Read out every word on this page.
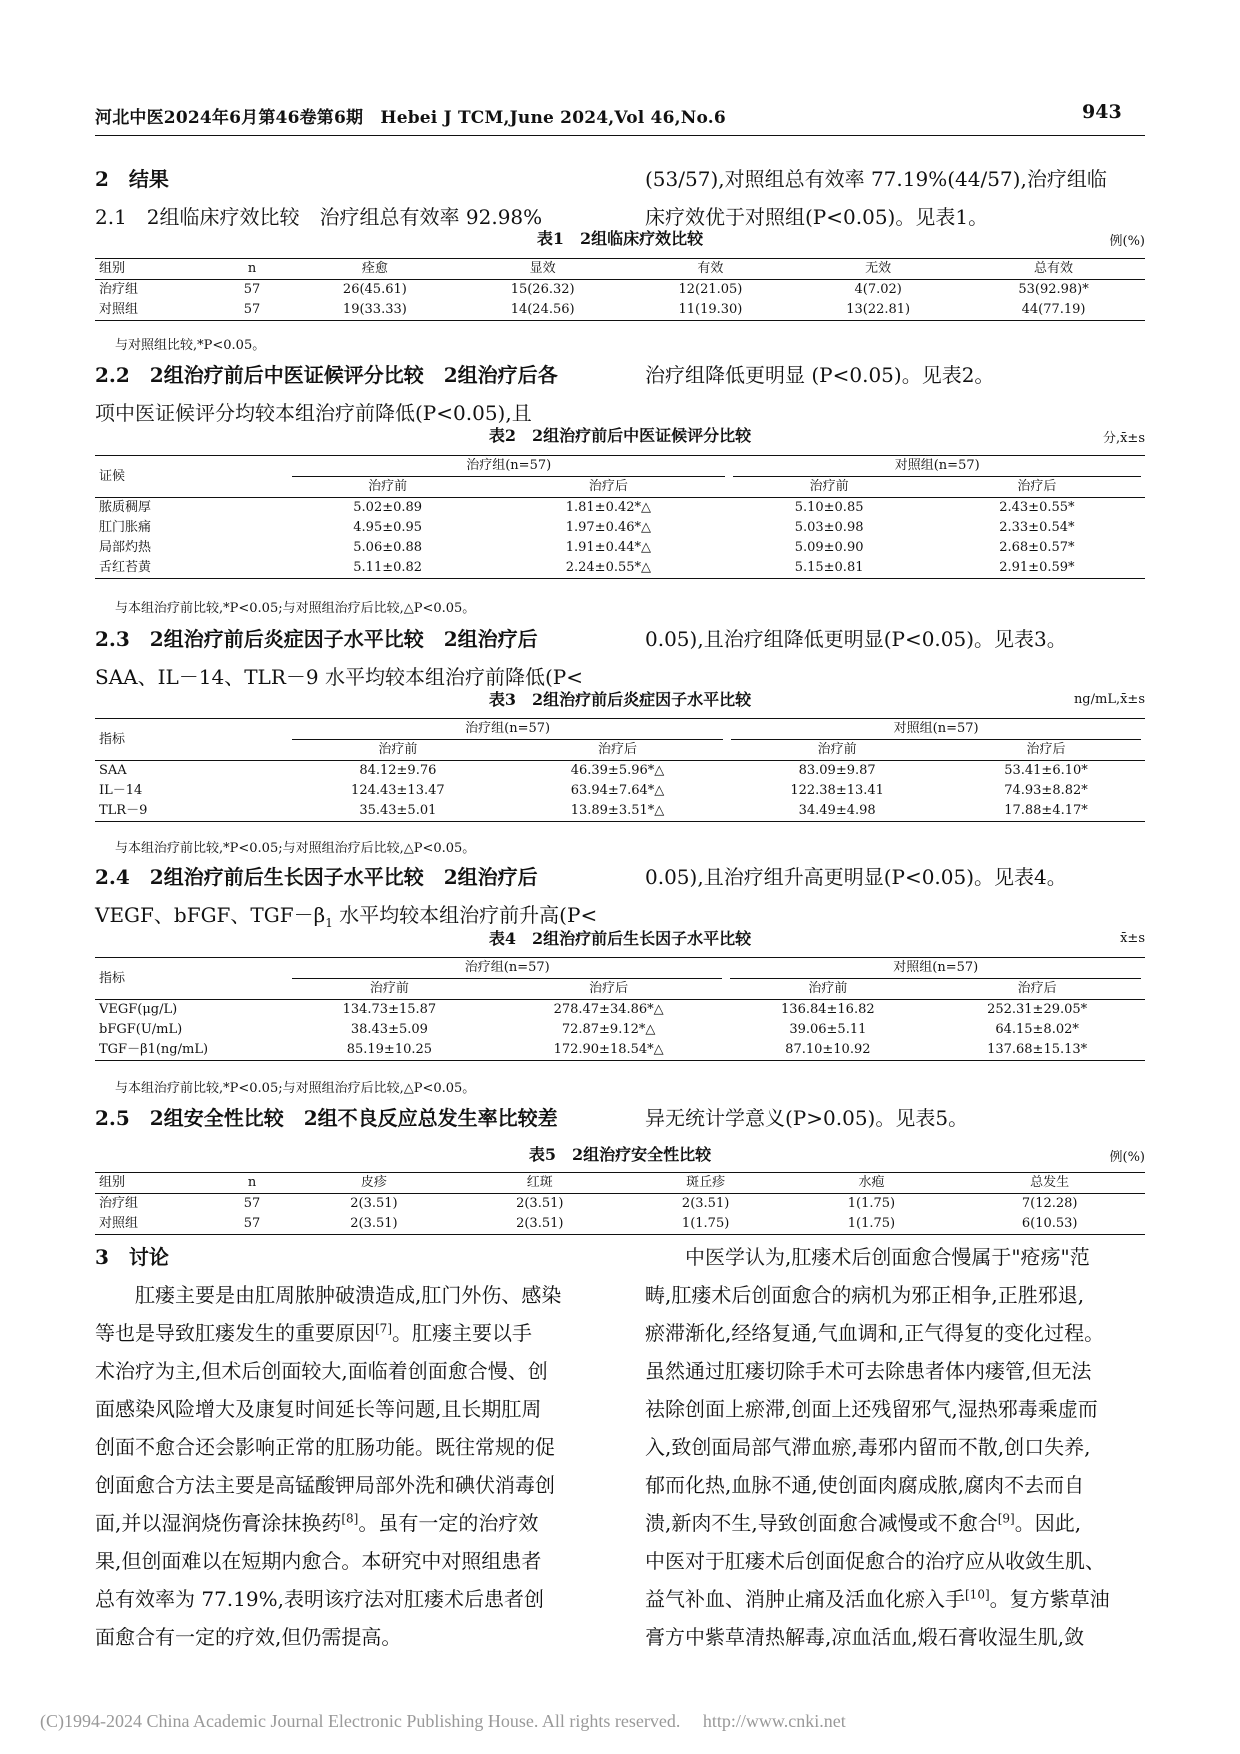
河北中医2024年6月第46卷第6期　Hebei J TCM,June 2024,Vol 46,No.6	943
2　结果
2.1　2组临床疗效比较　治疗组总有效率 92.98%
(53/57),对照组总有效率 77.19%(44/57),治疗组临
床疗效优于对照组(P<0.05)。见表1。
表1　2组临床疗效比较	例(%)
组别	n	痊愈	显效	有效	无效	总有效
治疗组	57	26(45.61)	15(26.32)	12(21.05)	4(7.02)	53(92.98)*
对照组	57	19(33.33)	14(24.56)	11(19.30)	13(22.81)	44(77.19)
与对照组比较,*P<0.05。
2.2　2组治疗前后中医证候评分比较　2组治疗后各
项中医证候评分均较本组治疗前降低(P<0.05),且
治疗组降低更明显 (P<0.05)。见表2。
表2　2组治疗前后中医证候评分比较	分,x̄±s
证候	治疗组(n=57)		对照组(n=57)	

	治疗前	治疗后	治疗前	治疗后
脓质稠厚	5.02±0.89	1.81±0.42*△	5.10±0.85	2.43±0.55*
肛门胀痛	4.95±0.95	1.97±0.46*△	5.03±0.98	2.33±0.54*
局部灼热	5.06±0.88	1.91±0.44*△	5.09±0.90	2.68±0.57*
舌红苔黄	5.11±0.82	2.24±0.55*△	5.15±0.81	2.91±0.59*
与本组治疗前比较,*P<0.05;与对照组治疗后比较,△P<0.05。
2.3　2组治疗前后炎症因子水平比较　2组治疗后
SAA、IL－14、TLR－9 水平均较本组治疗前降低(P<
0.05),且治疗组降低更明显(P<0.05)。见表3。
表3　2组治疗前后炎症因子水平比较	ng/mL,x̄±s
指标	治疗组(n=57)		对照组(n=57)	

	治疗前	治疗后	治疗前	治疗后
SAA	84.12±9.76	46.39±5.96*△	83.09±9.87	53.41±6.10*
IL－14	124.43±13.47	63.94±7.64*△	122.38±13.41	74.93±8.82*
TLR－9	35.43±5.01	13.89±3.51*△	34.49±4.98	17.88±4.17*
与本组治疗前比较,*P<0.05;与对照组治疗后比较,△P<0.05。
2.4　2组治疗前后生长因子水平比较　2组治疗后
VEGF、bFGF、$TGF-\beta_1$ 水平均较本组治疗前升高(P<
0.05),且治疗组升高更明显(P<0.05)。见表4。
表4　2组治疗前后生长因子水平比较	x̄±s
指标	治疗组(n=57)		对照组(n=57)	

	治疗前	治疗后	治疗前	治疗后
VEGF(μg/L)	134.73±15.87	278.47±34.86*△	136.84±16.82	252.31±29.05*
bFGF(U/mL)	38.43±5.09	72.87±9.12*△	39.06±5.11	64.15±8.02*
TGF－β1(ng/mL)	85.19±10.25	172.90±18.54*△	87.10±10.92	137.68±15.13*
与本组治疗前比较,*P<0.05;与对照组治疗后比较,△P<0.05。
2.5　2组安全性比较　2组不良反应总发生率比较差	异无统计学意义(P>0.05)。见表5。
表5　2组治疗安全性比较	例(%)
组别	n	皮疹	红斑	斑丘疹	水疱	总发生
治疗组	57	2(3.51)	2(3.51)	2(3.51)	1(1.75)	7(12.28)
对照组	57	2(3.51)	2(3.51)	1(1.75)	1(1.75)	6(10.53)
3　讨论
　　肛瘘主要是由肛周脓肿破溃造成,肛门外伤、感染
等也是导致肛瘘发生的重要原因[7]。肛瘘主要以手
术治疗为主,但术后创面较大,面临着创面愈合慢、创
面感染风险增大及康复时间延长等问题,且长期肛周
创面不愈合还会影响正常的肛肠功能。既往常规的促
创面愈合方法主要是高锰酸钾局部外洗和碘伏消毒创
面,并以湿润烧伤膏涂抹换药[8]。虽有一定的治疗效
果,但创面难以在短期内愈合。本研究中对照组患者
总有效率为 77.19%,表明该疗法对肛瘘术后患者创
面愈合有一定的疗效,但仍需提高。
　　中医学认为,肛瘘术后创面愈合慢属于"疮疡"范
畴,肛瘘术后创面愈合的病机为邪正相争,正胜邪退,
瘀滞渐化,经络复通,气血调和,正气得复的变化过程。
虽然通过肛瘘切除手术可去除患者体内瘘管,但无法
祛除创面上瘀滞,创面上还残留邪气,湿热邪毒乘虚而
入,致创面局部气滞血瘀,毒邪内留而不散,创口失养,
郁而化热,血脉不通,使创面肉腐成脓,腐肉不去而自
溃,新肉不生,导致创面愈合减慢或不愈合[9]。因此,
中医对于肛瘘术后创面促愈合的治疗应从收敛生肌、
益气补血、消肿止痛及活血化瘀入手[10]。复方紫草油
膏方中紫草清热解毒,凉血活血,煅石膏收湿生肌,敛
(C)1994-2024 China Academic Journal Electronic Publishing House. All rights reserved.　 http://www.cnki.net
